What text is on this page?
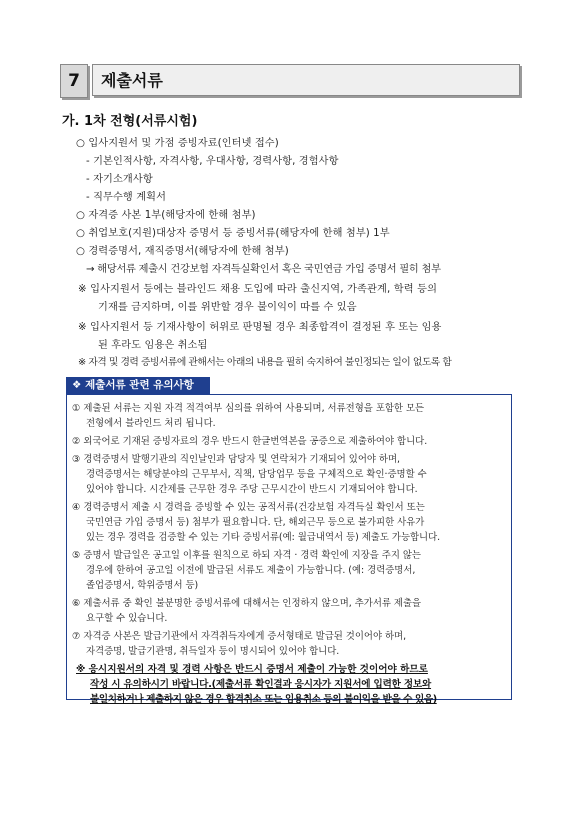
7	제출서류
가. 1차 전형(서류시험)
○ 입사지원서 및 가점 증빙자료(인터넷 접수)
- 기본인적사항, 자격사항, 우대사항, 경력사항, 경험사항
- 자기소개사항
- 직무수행 계획서
○ 자격증 사본 1부(해당자에 한해 첨부)
○ 취업보호(지원)대상자 증명서 등 증빙서류(해당자에 한해 첨부) 1부
○ 경력증명서, 재직증명서(해당자에 한해 첨부)
→ 해당서류 제출시 건강보험 자격득실확인서 혹은 국민연금 가입 증명서 필히 첨부
※ 입사지원서 등에는 블라인드 채용 도입에 따라 출신지역, 가족관계, 학력 등의
기재를 금지하며, 이를 위반할 경우 불이익이 따를 수 있음
※ 입사지원서 등 기재사항이 허위로 판명될 경우 최종합격이 결정된 후 또는 임용
된 후라도 임용은 취소됨
※ 자격 및 경력 증빙서류에 관해서는 아래의 내용을 필히 숙지하여 불인정되는 일이 없도록 함
❖ 제출서류 관련 유의사항
① 제출된 서류는 지원 자격 적격여부 심의를 위하여 사용되며, 서류전형을 포함한 모든
전형에서 블라인드 처리 됩니다.
② 외국어로 기재된 증빙자료의 경우 반드시 한글번역본을 공증으로 제출하여야 합니다.
③ 경력증명서 발행기관의 직인날인과 담당자 및 연락처가 기재되어 있어야 하며,
경력증명서는 해당분야의 근무부서, 직책, 담당업무 등을 구체적으로 확인·증명할 수
있어야 합니다. 시간제를 근무한 경우 주당 근무시간이 반드시 기재되어야 합니다.
④ 경력증명서 제출 시 경력을 증빙할 수 있는 공적서류(건강보험 자격득실 확인서 또는
국민연금 가입 증명서 등) 첨부가 필요합니다. 단, 해외근무 등으로 불가피한 사유가
있는 경우 경력을 검증할 수 있는 기타 증빙서류(예: 월급내역서 등) 제출도 가능합니다.
⑤ 증명서 발급일은 공고일 이후를 원칙으로 하되 자격 · 경력 확인에 지장을 주지 않는
경우에 한하여 공고일 이전에 발급된 서류도 제출이 가능합니다. (예: 경력증명서,
졸업증명서, 학위증명서 등)
⑥ 제출서류 중 확인 불분명한 증빙서류에 대해서는 인정하지 않으며, 추가서류 제출을
요구할 수 있습니다.
⑦ 자격증 사본은 발급기관에서 자격취득자에게 증서형태로 발급된 것이어야 하며,
자격증명, 발급기관명, 취득일자 등이 명시되어 있어야 합니다.
※ 응시지원서의 자격 및 경력 사항은 반드시 증명서 제출이 가능한 것이어야 하므로
작성 시 유의하시기 바랍니다.(제출서류 확인결과 응시자가 지원서에 입력한 정보와
불일치하거나 제출하지 않은 경우 합격취소 또는 임용취소 등의 불이익을 받을 수 있음)
